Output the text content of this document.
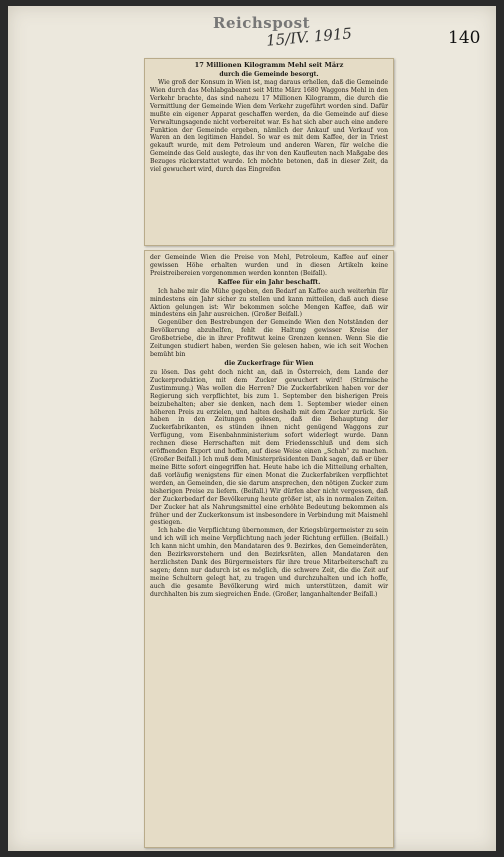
Reichspost
15/IV. 1915	140
17 Millionen Kilogramm Mehl seit März
durch die Gemeinde besorgt.

Wie groß der Konsum in Wien ist, mag daraus erhellen, daß die Gemeinde Wien durch das Mehlabgabeamt seit Mitte März 1680 Waggons Mehl in den Verkehr brachte, das sind nahezu 17 Millionen Kilogramm, die durch die Vermittlung der Gemeinde Wien dem Verkehr zugeführt worden sind. Dafür mußte ein eigener Apparat geschaffen werden, da die Gemeinde auf diese Verwaltungsagende nicht vorbereitet war. Es hat sich aber auch eine andere Funktion der Gemeinde ergeben, nämlich der Ankauf und Verkauf von Waren an den legitimen Handel. So war es mit dem Kaffee, der in Triest gekauft wurde, mit dem Petroleum und anderen Waren, für welche die Gemeinde das Geld auslegte, das ihr von den Kaufleuten nach Maßgabe des Bezuges rückerstattet wurde. Ich möchte betonen, daß in dieser Zeit, da viel gewuchert wird, durch das Eingreifen

der Gemeinde Wien die Preise von Mehl, Petroleum, Kaffee auf einer gewissen Höhe erhalten wurden und in diesen Artikeln keine Preistreibereien vorgenommen werden konnten (Beifall).

Kaffee für ein Jahr beschafft.

Ich habe mir die Mühe gegeben, den Bedarf an Kaffee auch weiterhin für mindestens ein Jahr sicher zu stellen und kann mitteilen, daß auch diese Aktion gelungen ist: Wir bekommen solche Mengen Kaffee, daß wir mindestens ein Jahr ausreichen. (Großer Beifall.)

Gegenüber den Bestrebungen der Gemeinde Wien den Notständen der Bevölkerung abzuhelfen, fehlt die Haltung gewisser Kreise der Großbetriebe, die in ihrer Profitwut keine Grenzen kennen. Wenn Sie die Zeitungen studiert haben, werden Sie gelesen haben, wie ich seit Wochen bemüht bin

die Zuckerfrage für Wien

zu lösen. Das geht doch nicht an, daß in Österreich, dem Lande der Zuckerproduktion, mit dem Zucker gewuchert wird! (Stürmische Zustimmung.) Was wollen die Herren? Die Zuckerfabriken haben vor der Regierung sich verpflichtet, bis zum 1. September den bisherigen Preis beizubehalten; aber sie denken, nach dem 1. September wieder einen höheren Preis zu erzielen, und halten deshalb mit dem Zucker zurück. Sie haben in den Zeitungen gelesen, daß die Behauptung der Zuckerfabrikanten, es stünden ihnen nicht genügend Waggons zur Verfügung, vom Eisenbahnministerium sofort widerlegt wurde. Dann rechnen diese Herrschaften mit dem Friedensschluß und dem sich eröffnenden Export und hoffen, auf diese Weise einen „Schab“ zu machen. (Großer Beifall.) Ich muß dem Ministerpräsidenten Dank sagen, daß er über meine Bitte sofort eingegriffen hat. Heute habe ich die Mitteilung erhalten, daß vorläufig wenigstens für einen Monat die Zuckerfabriken verpflichtet werden, an Gemeinden, die sie darum ansprechen, den nötigen Zucker zum bisherigen Preise zu liefern. (Beifall.) Wir dürfen aber nicht vergessen, daß der Zuckerbedarf der Bevölkerung heute größer ist, als in normalen Zeiten. Der Zucker hat als Nahrungsmittel eine erhöhte Bedeutung bekommen als früher und der Zuckerkonsum ist insbesondere in Verbindung mit Maismehl gestiegen.

Ich habe die Verpflichtung übernommen, der Kriegsbürgermeister zu sein und ich will ich meine Verpflichtung nach jeder Richtung erfüllen. (Beifall.) Ich kann nicht umhin, den Mandataren des 9. Bezirkes, den Gemeinderäten, den Bezirksvorstehern und den Bezirksräten, allen Mandataren den herzlichsten Dank des Bürgermeisters für ihre treue Mitarbeiterschaft zu sagen; denn nur dadurch ist es möglich, die schwere Zeit, die die Zeit auf meine Schultern gelegt hat, zu tragen und durchzuhalten und ich hoffe, auch die gesamte Bevölkerung wird mich unterstützen, damit wir durchhalten bis zum siegreichen Ende. (Großer, langanhaltender Beifall.)
